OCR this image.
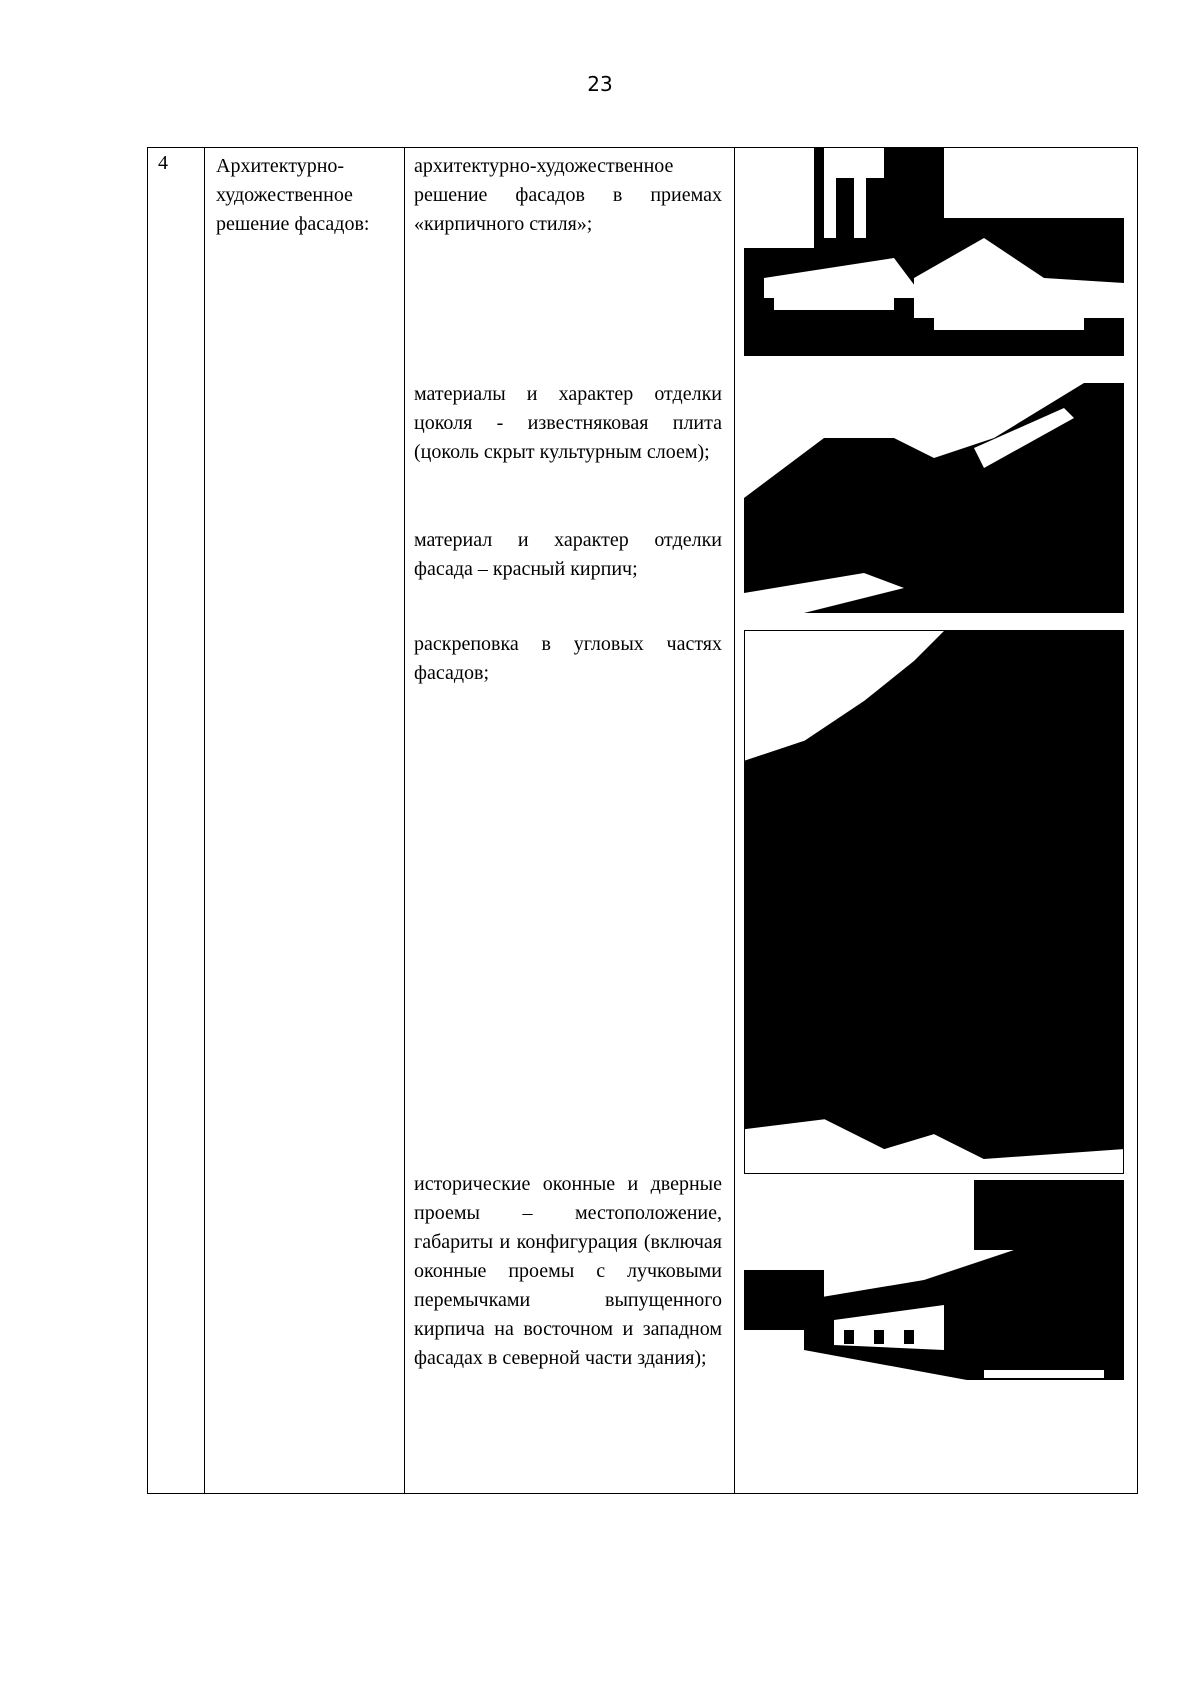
23
4 Архитектурно-художественное решение фасадов:
архитектурно-художественное решение фасадов в приемах «кирпичного стиля»;
материалы и характер отделки цоколя - известняковая плита (цоколь скрыт культурным слоем);
материал и характер отделки фасада – красный кирпич;
раскреповка в угловых частях фасадов;
исторические оконные и дверные проемы – местоположение, габариты и конфигурация (включая оконные проемы с лучковыми перемычками выпущенного кирпича на восточном и западном фасадах в северной части здания);
